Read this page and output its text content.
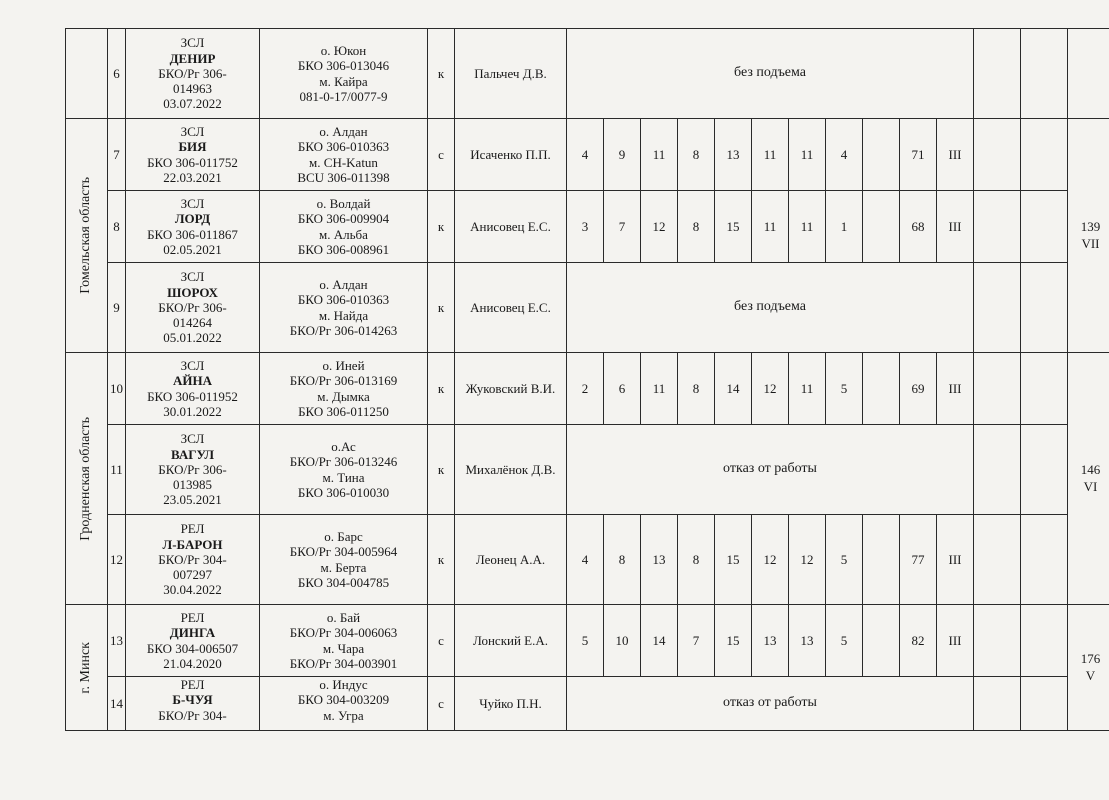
	6	ЗСЛ
ДЕНИР
БКО/Рг 306-
014963
03.07.2022	о. Юкон
БКО 306-013046
м. Кайра
081-0-17/0077-9	к	Пальчеч Д.В.	без подъема													

Гомельская область	7	ЗСЛ
БИЯ
БКО 306-011752
22.03.2021	о. Алдан
БКО 306-010363
м. CH-Katun
BCU 306-011398	с	Исаченко П.П.	4	9	11	8	13	11	11	4		71	III			139
VII

	8	ЗСЛ
ЛОРД
БКО 306-011867
02.05.2021	о. Волдай
БКО 306-009904
м. Альба
БКО 306-008961	к	Анисовец Е.С.	3	7	12	8	15	11	11	1		68	III			
	9	ЗСЛ
ШОРОХ
БКО/Рг 306-
014264
05.01.2022	о. Алдан
БКО 306-010363
м. Найда
БКО/Рг 306-014263	к	Анисовец Е.С.	без подъема													

Гродненская область	10	ЗСЛ
АЙНА
БКО 306-011952
30.01.2022	о. Иней
БКО/Рг 306-013169
м. Дымка
БКО 306-011250	к	Жуковский В.И.	2	6	11	8	14	12	11	5		69	III			146
VI

	11	ЗСЛ
ВАГУЛ
БКО/Рг 306-
013985
23.05.2021	о.Ас
БКО/Рг 306-013246
м. Тина
БКО 306-010030	к	Михалёнок Д.В.	отказ от работы													
	12	РЕЛ
Л-БАРОН
БКО/Рг 304-
007297
30.04.2022	о. Барс
БКО/Рг 304-005964
м. Берта
БКО 304-004785	к	Леонец А.А.	4	8	13	8	15	12	12	5		77	III			

г. Минск	13	РЕЛ
ДИНГА
БКО 304-006507
21.04.2020	о. Бай
БКО/Рг 304-006063
м. Чара
БКО/Рг 304-003901	с	Лонский Е.А.	5	10	14	7	15	13	13	5		82	III			176
V

	14	РЕЛ
Б-ЧУЯ
БКО/Рг 304-	о. Индус
БКО 304-003209
м. Угра	с	Чуйко П.Н.	отказ от работы													
